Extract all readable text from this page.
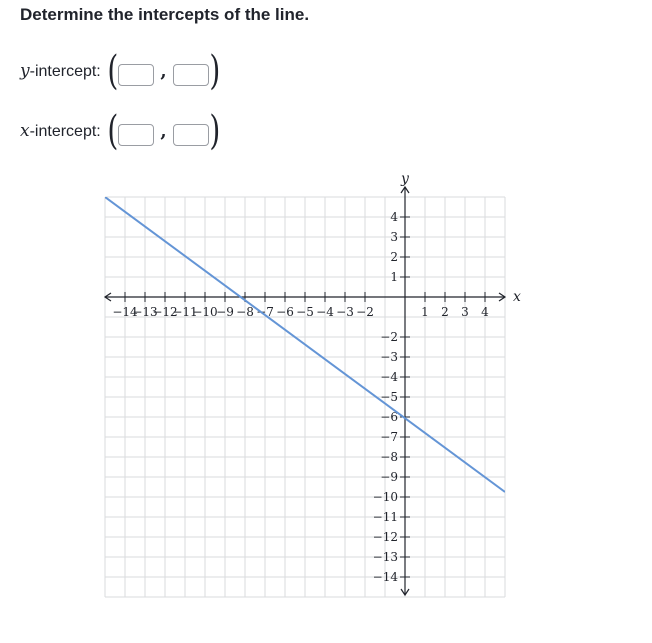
Determine the intercepts of the line.
y -intercept: ( , )
x -intercept: ( , )
x
y
−14
−13
−12
−11
−10
−9 −8 −7 −6 −5 −4 −3 −2	1 2 3 4
4
3
2
1
−2
−3
−4
−5
−6
−7
−8
−9
−10
−11
−12
−13
−14
